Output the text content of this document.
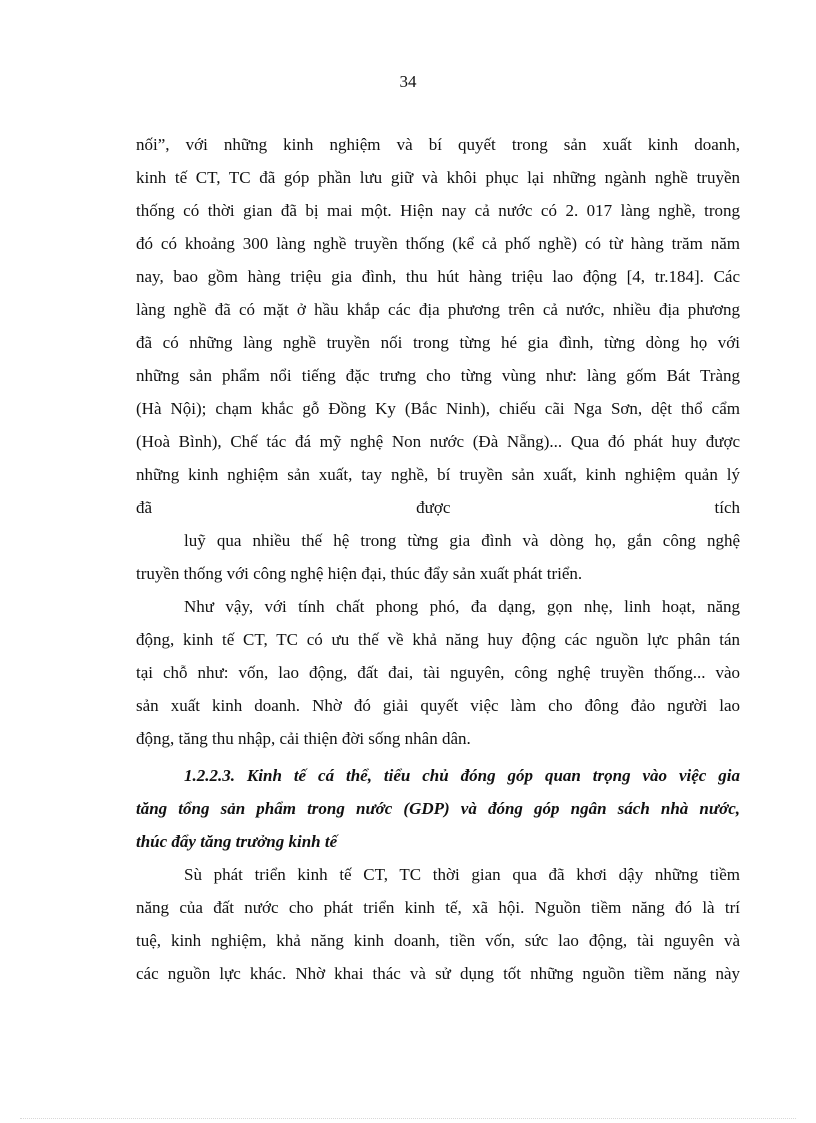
34
nối”, với những kinh nghiệm và bí quyết trong sản xuất kinh doanh,
kinh tế CT, TC đã góp phần lưu giữ và khôi phục lại những ngành nghề truyền
thống có thời gian đã bị mai một. Hiện nay cả nước có 2. 017 làng nghề, trong
đó có khoảng 300 làng nghề truyền thống (kể cả phố nghề) có từ hàng trăm năm
nay, bao gồm hàng triệu gia đình, thu hút hàng triệu lao động [4, tr.184]. Các
làng nghề đã có mặt ở hầu khắp các địa phương trên cả nước, nhiều địa phương
đã có những làng nghề truyền nối trong từng hé gia đình, từng dòng họ với
những sản phẩm nổi tiếng đặc trưng cho từng vùng như: làng gốm Bát Tràng
(Hà Nội); chạm khắc gỗ Đồng Ky (Bắc Ninh), chiếu cãi Nga Sơn, dệt thổ cẩm
(Hoà Bình), Chế tác đá mỹ nghệ Non nước (Đà Nẵng)... Qua đó phát huy được
những kinh nghiệm sản xuất, tay nghề, bí truyền sản xuất, kinh nghiệm quản lý
đã được tích
luỹ qua nhiều thế hệ trong từng gia đình và dòng họ, gắn công nghệ
truyền thống với công nghệ hiện đại, thúc đẩy sản xuất phát triển.
Như vậy, với tính chất phong phó, đa dạng, gọn nhẹ, linh hoạt, năng
động, kinh tế CT, TC có ưu thế về khả năng huy động các nguồn lực phân tán
tại chỗ như: vốn, lao động, đất đai, tài nguyên, công nghệ truyền thống... vào
sản xuất kinh doanh. Nhờ đó giải quyết việc làm cho đông đảo người lao
động, tăng thu nhập, cải thiện đời sống nhân dân.
1.2.2.3. Kinh tế cá thể, tiểu chủ đóng góp quan trọng vào việc gia
tăng tổng sản phẩm trong nước (GDP) và đóng góp ngân sách nhà nước,
thúc đẩy tăng trưởng kinh tế
Sù phát triển kinh tế CT, TC thời gian qua đã khơi dậy những tiềm
năng của đất nước cho phát triển kinh tế, xã hội. Nguồn tiềm năng đó là trí
tuệ, kinh nghiệm, khả năng kinh doanh, tiền vốn, sức lao động, tài nguyên và
các nguồn lực khác. Nhờ khai thác và sử dụng tốt những nguồn tiềm năng này
